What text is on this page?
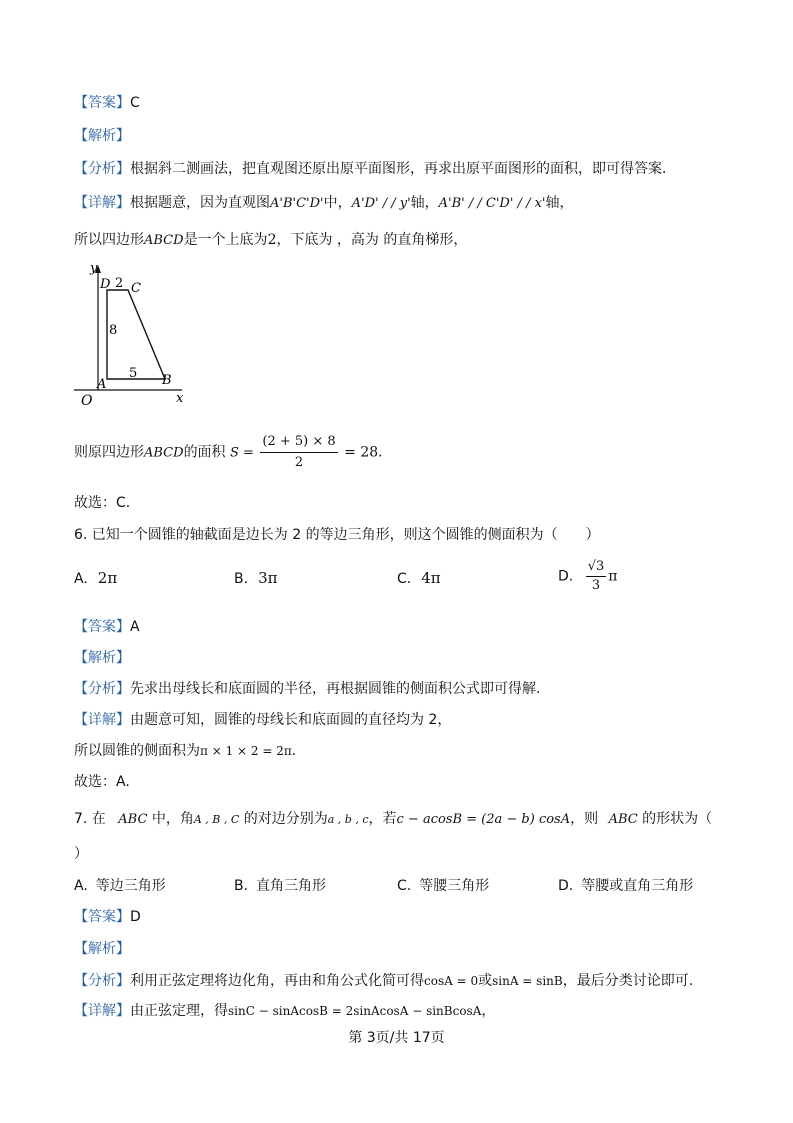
【答案】C
【解析】
【分析】根据斜二测画法，把直观图还原出原平面图形，再求出原平面图形的面积，即可得答案．
【详解】根据题意，因为直观图A'B'C'D'中，A'D' / / y'轴，A'B' / / C'D' / / x'轴，
所以四边形ABCD是一个上底为2，下底为 ，高为 的直角梯形，
y
x
O
D 2 C
8
5
A	B
则原四边形ABCD的面积 $S = \frac{(2 + 5) \times 8}{2} = 28$．
故选：C．
6. 已知一个圆锥的轴截面是边长为 2 的等边三角形，则这个圆锥的侧面积为（　　）
A. 2π	B. 3π	C. 4π	D. $\frac{√3}{3}$ π
【答案】A
【解析】
【分析】先求出母线长和底面圆的半径，再根据圆锥的侧面积公式即可得解.
【详解】由题意可知，圆锥的母线长和底面圆的直径均为 2，
所以圆锥的侧面积为π × 1 × 2 = 2π．
故选：A.
7. 在 ABC 中，角A , B , C 的对边分别为a , b , c，若c − acosB = (2a − b) cosA，则 ABC 的形状为（
）
A. 等边三角形	B. 直角三角形	C. 等腰三角形	D. 等腰或直角三角形
【答案】D
【解析】
【分析】利用正弦定理将边化角，再由和角公式化简可得cosA = 0或sinA = sinB，最后分类讨论即可.
【详解】由正弦定理，得sinC − sinAcosB = 2sinAcosA − sinBcosA，
第 3页/共 17页
